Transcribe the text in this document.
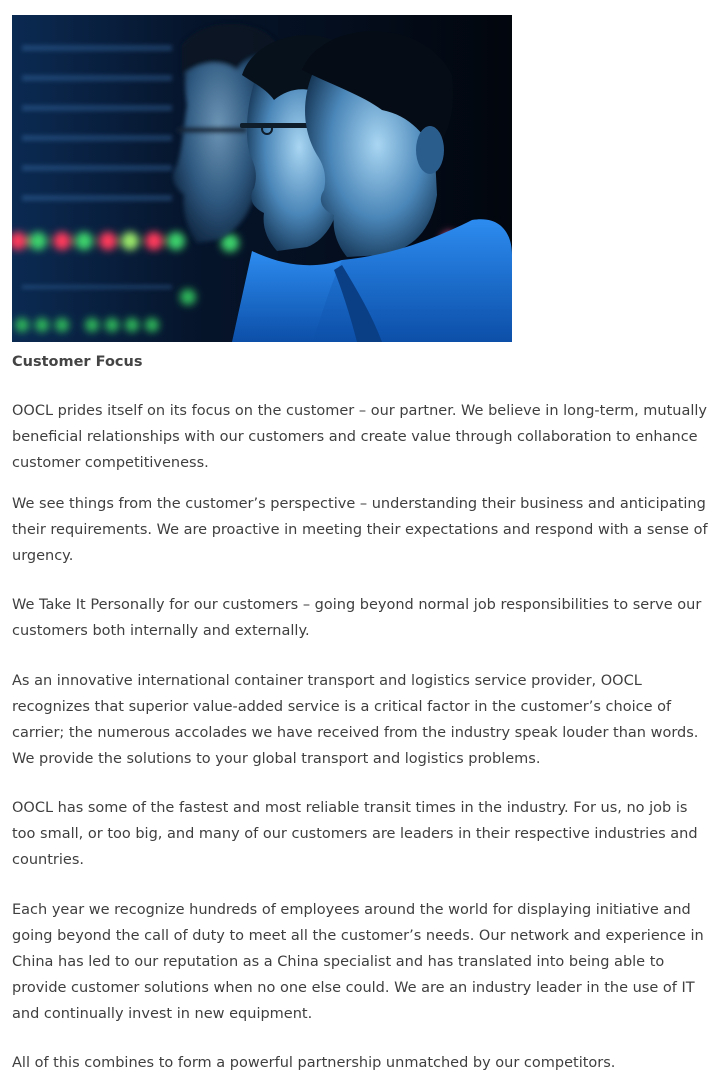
Customer Focus

OOCL prides itself on its focus on the customer – our partner. We believe in long-term, mutually beneficial relationships with our customers and create value through collaboration to enhance customer competitiveness.

We see things from the customer’s perspective – understanding their business and anticipating their requirements. We are proactive in meeting their expectations and respond with a sense of urgency.

We Take It Personally for our customers – going beyond normal job responsibilities to serve our customers both internally and externally.

As an innovative international container transport and logistics service provider, OOCL recognizes that superior value-added service is a critical factor in the customer’s choice of carrier; the numerous accolades we have received from the industry speak louder than words. We provide the solutions to your global transport and logistics problems.

OOCL has some of the fastest and most reliable transit times in the industry. For us, no job is too small, or too big, and many of our customers are leaders in their respective industries and countries.

Each year we recognize hundreds of employees around the world for displaying initiative and going beyond the call of duty to meet all the customer’s needs. Our network and experience in China has led to our reputation as a China specialist and has translated into being able to provide customer solutions when no one else could. We are an industry leader in the use of IT and continually invest in new equipment.

All of this combines to form a powerful partnership unmatched by our competitors.
